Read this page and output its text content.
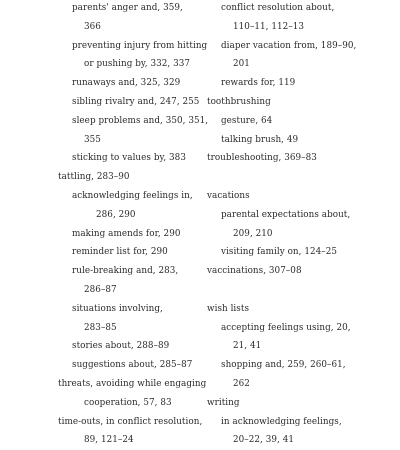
parents' anger and, 359,
366
preventing injury from hitting
or pushing by, 332, 337
runaways and, 325, 329
sibling rivalry and, 247, 255
sleep problems and, 350, 351,
355
sticking to values by, 383
tattling, 283–90
acknowledging feelings in,
286, 290
making amends for, 290
reminder list for, 290
rule-breaking and, 283,
286–87
situations involving,
283–85
stories about, 288–89
suggestions about, 285–87
threats, avoiding while engaging
cooperation, 57, 83
time-outs, in conflict resolution,
89, 121–24
conflict resolution about,
110–11, 112–13
diaper vacation from, 189–90,
201
rewards for, 119
toothbrushing
gesture, 64
talking brush, 49
troubleshooting, 369–83
vacations
parental expectations about,
209, 210
visiting family on, 124–25
vaccinations, 307–08
wish lists
accepting feelings using, 20,
21, 41
shopping and, 259, 260–61,
262
writing
in acknowledging feelings,
20–22, 39, 41
